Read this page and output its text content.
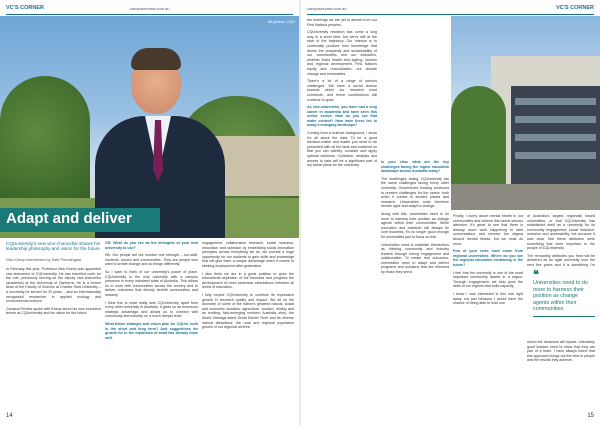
VC'S CORNER	campusreview.com.au
All photos: CQU
Adapt and deliver
CQUniversity's new vice-chancellor shares his leadership philosophy and vision for the future.
Nick Klomp interviewed by Kate Prendergast

In February this year, Professor Nick Klomp was appointed vice-chancellor of CQUniversity. He has travelled north for the role, previously serving as the deputy vice-chancellor (academic) at the University of Canberra. He is a former dean of the Faculty of Science at Charles Sturt University – a university he served for 20 years – and an internationally recognised researcher in applied ecology and environmental science.

Campus Review spoke with Klomp about his new executive tenure at CQUniversity and his vision for the future.

CR: What do you see as the strengths of your new university to use?

NK: Our people are our number one strength – our staff, students, alumni and communities. They are people who want to create change and do things differently.

So I want to think of our university's power of place. CQUniversity is the only university with a campus presence in every mainland state of Australia. This allows us to work with communities across the country and to deliver outcomes that directly benefit communities and industry.

I think this is what really sets CQUniversity apart from every other university in Australia. It gives us an enormous strategic advantage and allows us to connect with community and industry on a much deeper level.

What future strategic and vision plan for CQUni, both in the short and long term? And suggestions for growth for in the expansion of what has already done well.

engagement, collaborative research, social inclusion, innovation and outreach by embedding social innovation principles across everything we do, we provide a huge opportunity for our students to gain skills and knowledge that will give them a unique advantage when it comes to seeking employment after graduation.

I also think we are in a great position to grow the educational aspiration of the business and progress the development of more seamless articulations between all levels of education.

I fully expect CQUniversity to continue its impressive growth in research quality and impact. We sit on the doorstep of some of the nation's greatest natural, social and economic wonders: agriculture, tourism, mining and an exciting, fast-emerging northern Australia story; the World Heritage-listed Great Barrier Reef and its diverse natural attractions; the rural and regional population growth of our regional centres;

14
campusreview.com.au	VC'S CORNER

the learnings we are yet to absorb from our First Nations peoples.

CQUniversity research has come a long way in a short time, but we're still at the start of the trajectory. Our mission is to continually produce new knowledge that drives the prosperity and sustainability of our communities and our industries, whether that's health and ageing, tourism and regional development, First Nations equity and reconciliation, our climate change and renewables.

There's a lot of a range of serious challenges. We have a social licence towards which our research must contribute, and these contributions will continue to grow.

As vice-chancellor, you have had a long career in academia and have seen this sector evolve. How do you see that wider context? How have these led to today's changing landscape?

Coming from a science background, I know it's all about the data. To be a good decision-maker and leader you need to be presented with all the facts and evidence so that you can identify, consider and apply optimal solutions. Collection, analysis and access to data will be a significant part of my future plans for the university.

In your view, what are the key challenges facing the higher education landscape across Australia today?

The challenges facing CQUniversity are the same challenges facing every other university. Government funding continues to present challenges for the sector, both when it comes to student places and research. Universities must therefore remain agile and adapt to change.

Along with this, universities need to do more to harness their position as change agents within their communities. While education and research will always be core business, it's no longer good enough for universities just to focus on this.

Universities need to establish themselves as thinking community and industry leaders through strong engagement and collaboration. To create real outcomes, universities need to adapt and deliver programs and solutions that are informed by those they serve.

Finally, I worry about mental health in our communities and believe this needs serious attention. It's great to see that there is already much work happening to start conversations and remove the stigma around mental illness, but we must do more.

Few of your roles have come from regional universities. Where do you see the regional education continuing in the future?

I feel that the university is one of the most important community assets in a region. Through engagement, we help grow the skills of our regions and build capacity.

I know I was interested in this role right away, not just because I would have the chance of being able to lead one

of Australia's largest regionally based universities, or that CQUniversity has established itself as a university for its community engagement, social inclusion, inclusion and accessibility, but because it was clear that these attributes were something that were important to the people of CQUniversity.

The remaining attributes you hear will be delivered as an agile university over the next five years and it is something I'm

❝
Universities need to do more to harness their position as change agents within their communities.

whom the decisions will impact. Ultimately, good leaders need to show that they are part of a team. I have always found that this approach brings out the best in people and the results they achieve.

15
